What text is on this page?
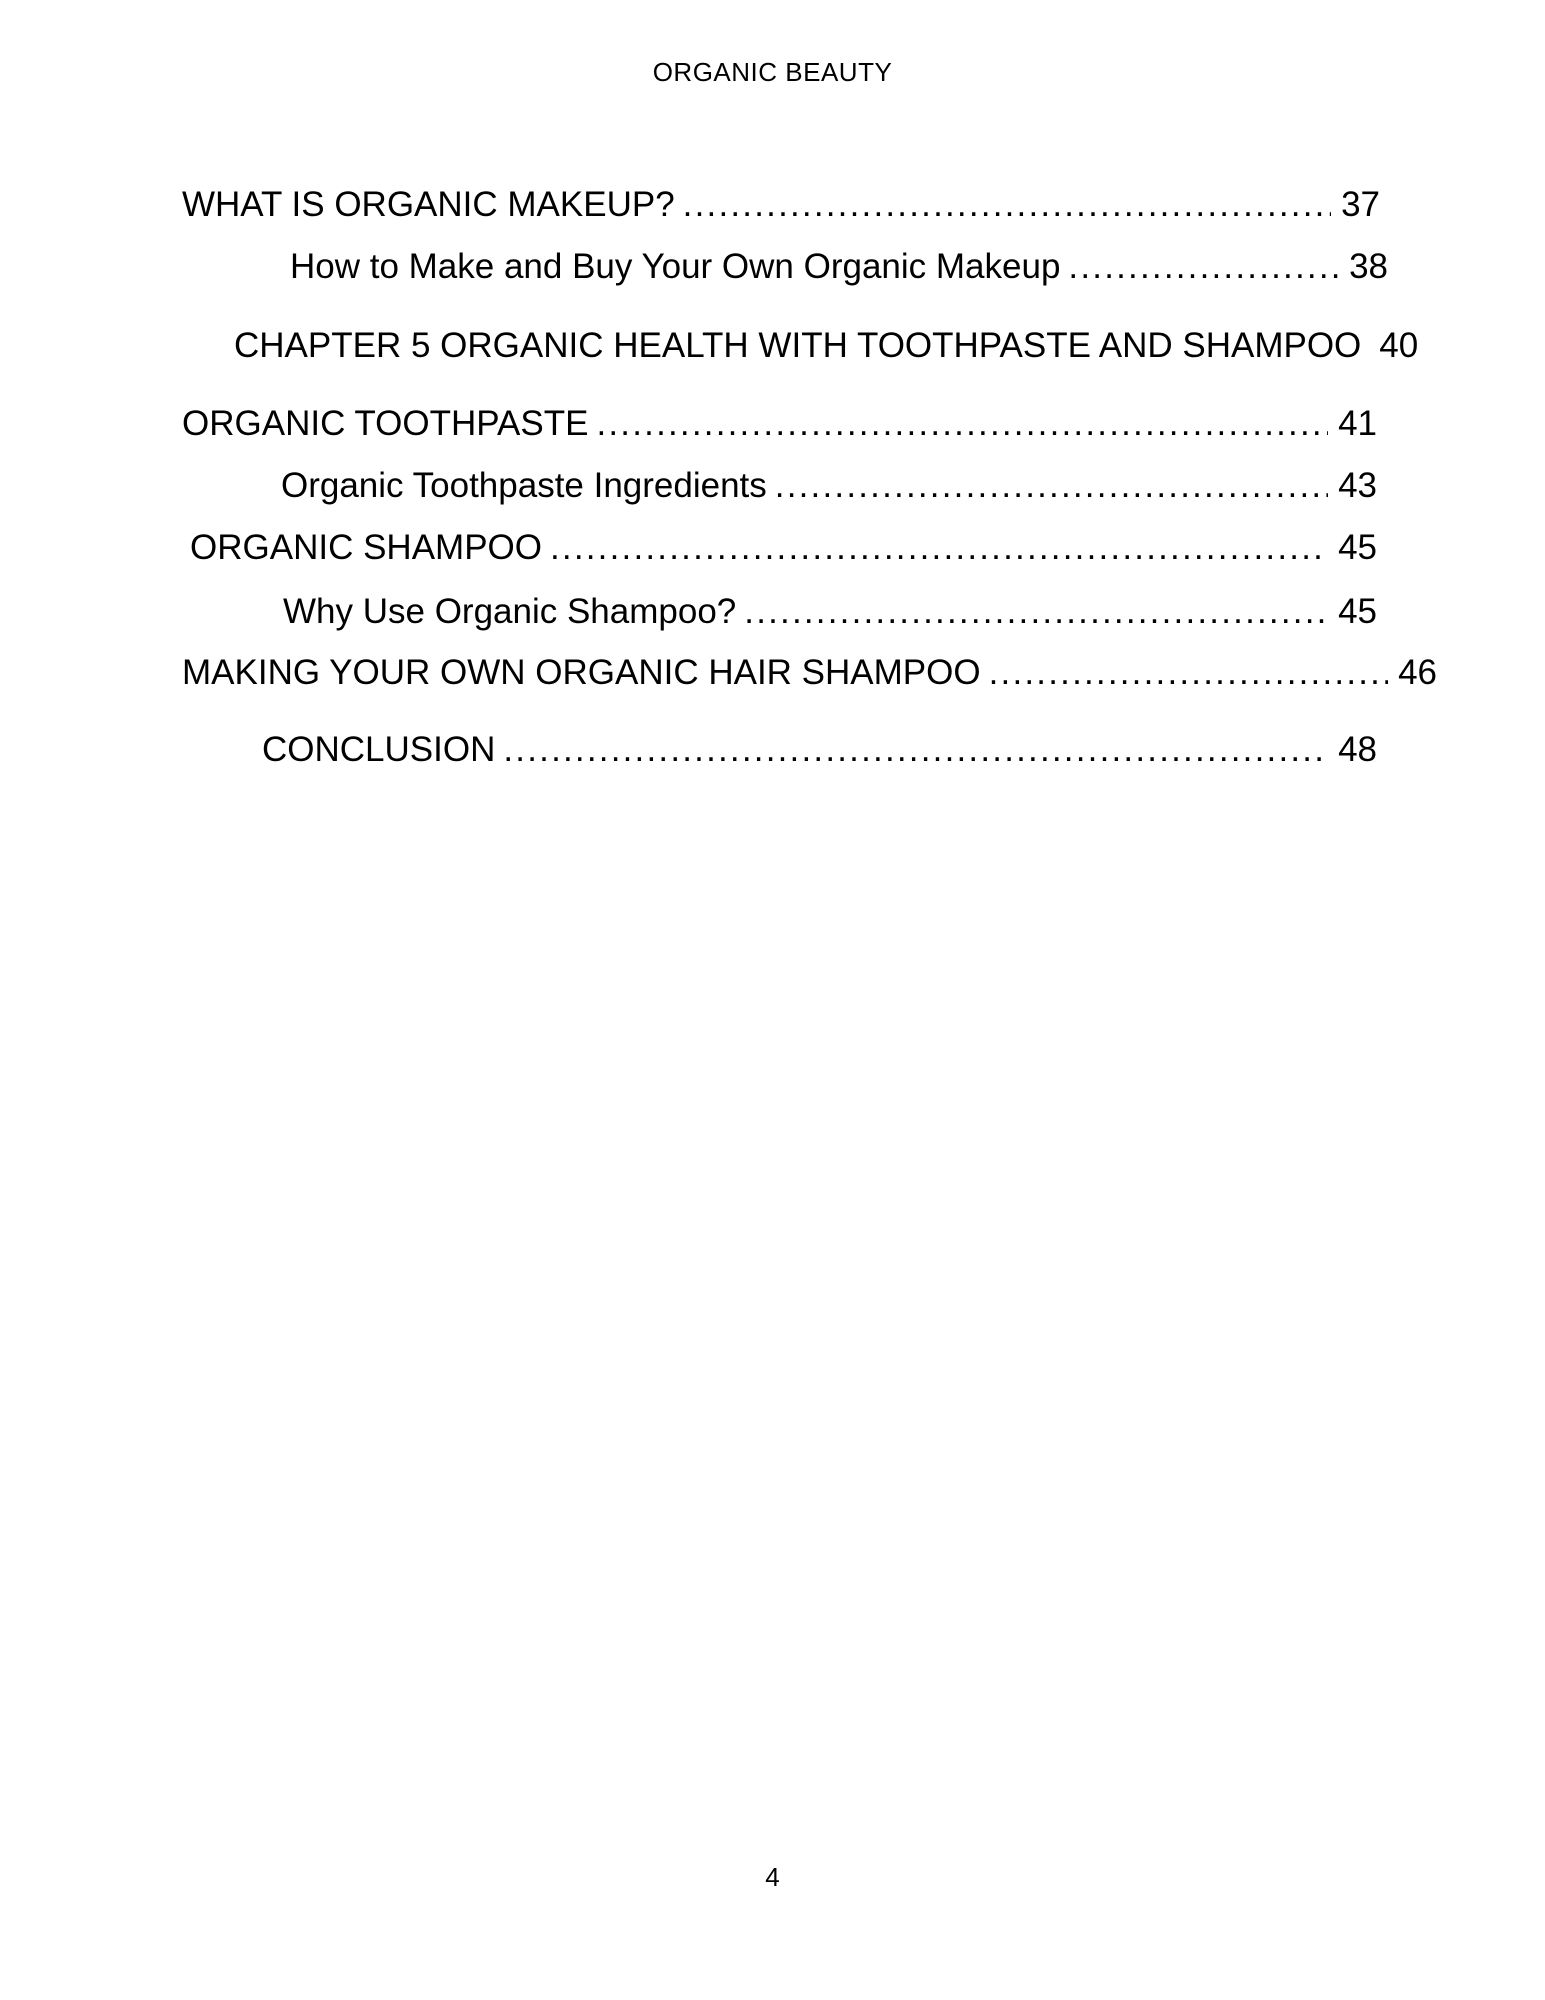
ORGANIC BEAUTY
WHAT IS ORGANIC MAKEUP? .....	37
How to Make and Buy Your Own Organic Makeup .....	38
CHAPTER 5 ORGANIC HEALTH WITH TOOTHPASTE AND SHAMPOO 40
ORGANIC TOOTHPASTE .....	41
Organic Toothpaste Ingredients .....	43
ORGANIC SHAMPOO .....	45
Why Use Organic Shampoo? .....	45
MAKING YOUR OWN ORGANIC HAIR SHAMPOO .....	46
CONCLUSION .....	48
4
